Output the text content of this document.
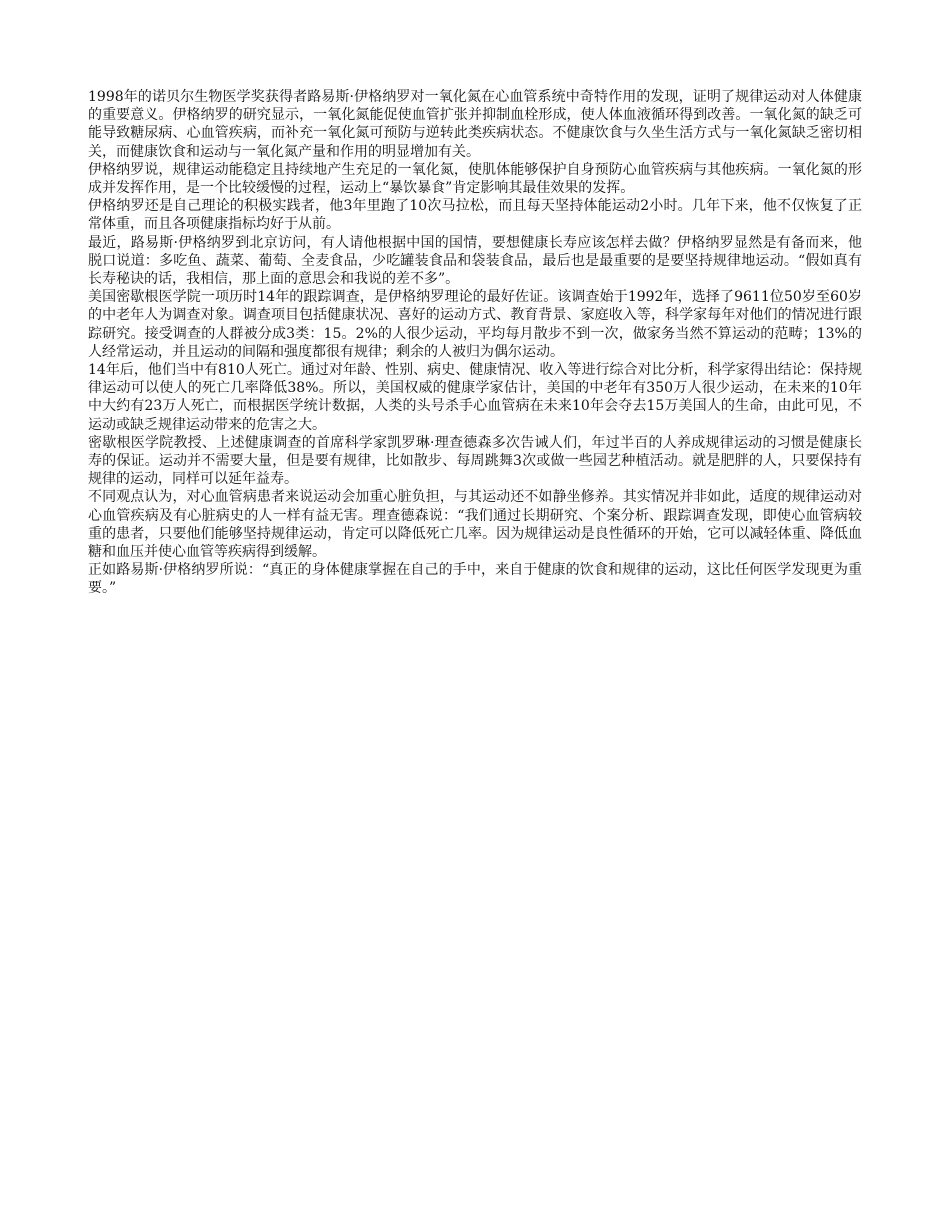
1998年的诺贝尔生物医学奖获得者路易斯·伊格纳罗对一氧化氮在心血管系统中奇特作用的发现，证明了规律运动对人体健康的重要意义。伊格纳罗的研究显示，一氧化氮能促使血管扩张并抑制血栓形成，使人体血液循环得到改善。一氧化氮的缺乏可能导致糖尿病、心血管疾病，而补充一氧化氮可预防与逆转此类疾病状态。不健康饮食与久坐生活方式与一氧化氮缺乏密切相关，而健康饮食和运动与一氧化氮产量和作用的明显增加有关。

伊格纳罗说，规律运动能稳定且持续地产生充足的一氧化氮，使肌体能够保护自身预防心血管疾病与其他疾病。一氧化氮的形成并发挥作用，是一个比较缓慢的过程，运动上“暴饮暴食”肯定影响其最佳效果的发挥。

伊格纳罗还是自己理论的积极实践者，他3年里跑了10次马拉松，而且每天坚持体能运动2小时。几年下来，他不仅恢复了正常体重，而且各项健康指标均好于从前。

最近，路易斯·伊格纳罗到北京访问，有人请他根据中国的国情，要想健康长寿应该怎样去做？伊格纳罗显然是有备而来，他脱口说道：多吃鱼、蔬菜、葡萄、全麦食品，少吃罐装食品和袋装食品，最后也是最重要的是要坚持规律地运动。“假如真有长寿秘诀的话，我相信，那上面的意思会和我说的差不多”。

美国密歇根医学院一项历时14年的跟踪调查，是伊格纳罗理论的最好佐证。该调查始于1992年，选择了9611位50岁至60岁的中老年人为调查对象。调查项目包括健康状况、喜好的运动方式、教育背景、家庭收入等，科学家每年对他们的情况进行跟踪研究。接受调查的人群被分成3类：15。2%的人很少运动，平均每月散步不到一次，做家务当然不算运动的范畴；13%的人经常运动，并且运动的间隔和强度都很有规律；剩余的人被归为偶尔运动。

14年后，他们当中有810人死亡。通过对年龄、性别、病史、健康情况、收入等进行综合对比分析，科学家得出结论：保持规律运动可以使人的死亡几率降低38%。所以，美国权威的健康学家估计，美国的中老年有350万人很少运动，在未来的10年中大约有23万人死亡，而根据医学统计数据，人类的头号杀手心血管病在未来10年会夺去15万美国人的生命，由此可见，不运动或缺乏规律运动带来的危害之大。

密歇根医学院教授、上述健康调查的首席科学家凯罗琳·理查德森多次告诫人们，年过半百的人养成规律运动的习惯是健康长寿的保证。运动并不需要大量，但是要有规律，比如散步、每周跳舞3次或做一些园艺种植活动。就是肥胖的人，只要保持有规律的运动，同样可以延年益寿。

不同观点认为，对心血管病患者来说运动会加重心脏负担，与其运动还不如静坐修养。其实情况并非如此，适度的规律运动对心血管疾病及有心脏病史的人一样有益无害。理查德森说：“我们通过长期研究、个案分析、跟踪调查发现，即使心血管病较重的患者，只要他们能够坚持规律运动，肯定可以降低死亡几率。因为规律运动是良性循环的开始，它可以减轻体重、降低血糖和血压并使心血管等疾病得到缓解。

正如路易斯·伊格纳罗所说：“真正的身体健康掌握在自己的手中，来自于健康的饮食和规律的运动，这比任何医学发现更为重要。”
